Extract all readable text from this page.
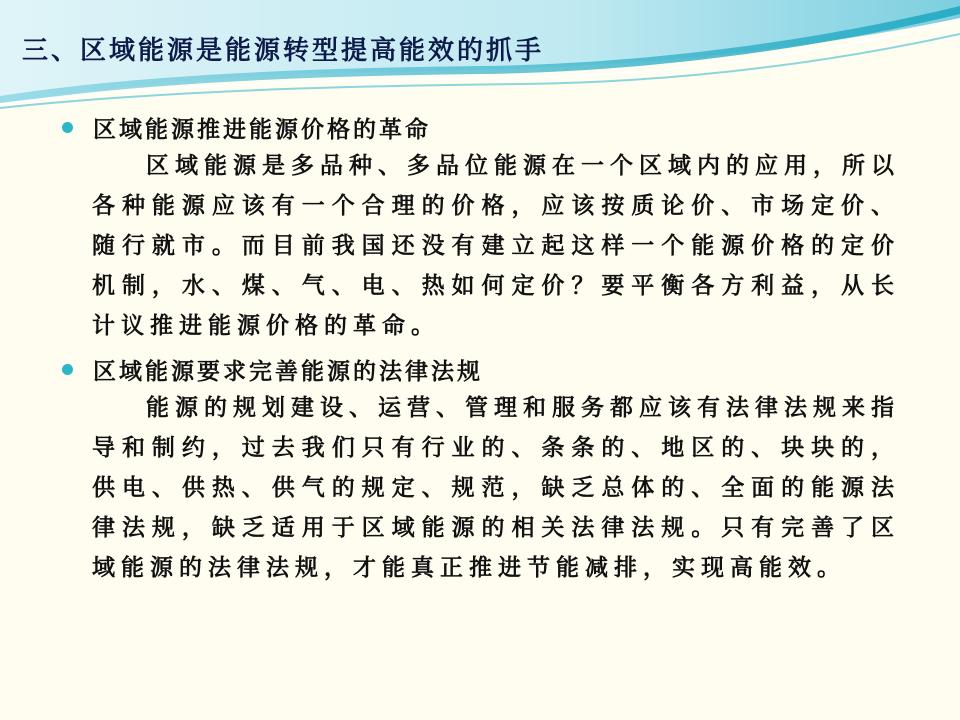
三、区域能源是能源转型提高能效的抓手
区域能源推进能源价格的革命

区域能源是多品种、多品位能源在一个区域内的应用，所以各种能源应该有一个合理的价格，应该按质论价、市场定价、随行就市。而目前我国还没有建立起这样一个能源价格的定价机制，水、煤、气、电、热如何定价？要平衡各方利益，从长计议推进能源价格的革命。

区域能源要求完善能源的法律法规

能源的规划建设、运营、管理和服务都应该有法律法规来指导和制约，过去我们只有行业的、条条的、地区的、块块的，供电、供热、供气的规定、规范，缺乏总体的、全面的能源法律法规，缺乏适用于区域能源的相关法律法规。只有完善了区域能源的法律法规，才能真正推进节能减排，实现高能效。
